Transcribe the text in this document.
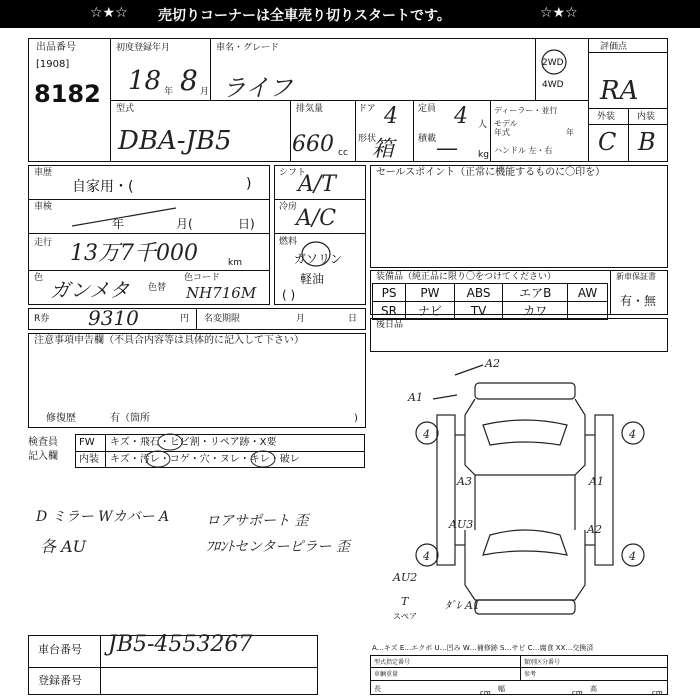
☆★☆ 売切りコーナーは全車売り切りスタートです。	☆★☆
出品番号
[1908]
8182
初度登録年月
18 年 8 月
車名・グレード
ライフ
2WD
4WD
評価点
RA
外装 内装
C B
型式
DBA-JB5
排気量
660 cc
ドア 4
形状
箱
定員 4 人
積載 — kg
ディーラー・並行
モデル
年式	年
ハンドル 左・右
車歴
自家用・(	)
車検
年	月(	日)
走行 13万7千000	km
色 ガンメタ 色替
色コード
NH716M
シフト
A/T
冷房
A/C
燃料
ガソリン
軽油
( )
セールスポイント（正常に機能するものに〇印を）
装備品（純正品に限り〇をつけてください）	新車保証書
有・無
PS	PW	ABS	エアB	AW
SR	ナビ	TV	カワ	
R券 9310	円 名変期限	月	日
後日品
注意事項申告欄（不具合内容等は具体的に記入して下さい）
修復歴	有（箇所	)
検査員
記入欄
FW キズ・飛石・ヒビ割・リペア跡・X要
内装 キズ・汚レ・コゲ・穴・ヌレ・キレ・破レ
D ミラー Wカバー A
各 AU
ロアサポート 歪
ﾌﾛﾝﾄセンターピラー 歪
A2
A1
4	4
A3	A1
AU3	A2
4	4
AU2
T	ﾀﾞﾚ A1
スペア
A…キズ E…エクボ U…凹み W…補修跡 S…サビ C…腐食 XX…交換済
車台番号 JB5-4553267
登録番号
型式指定番号	類別区分番号
車輌重量	参考
長	cm 幅	cm 高	cm
